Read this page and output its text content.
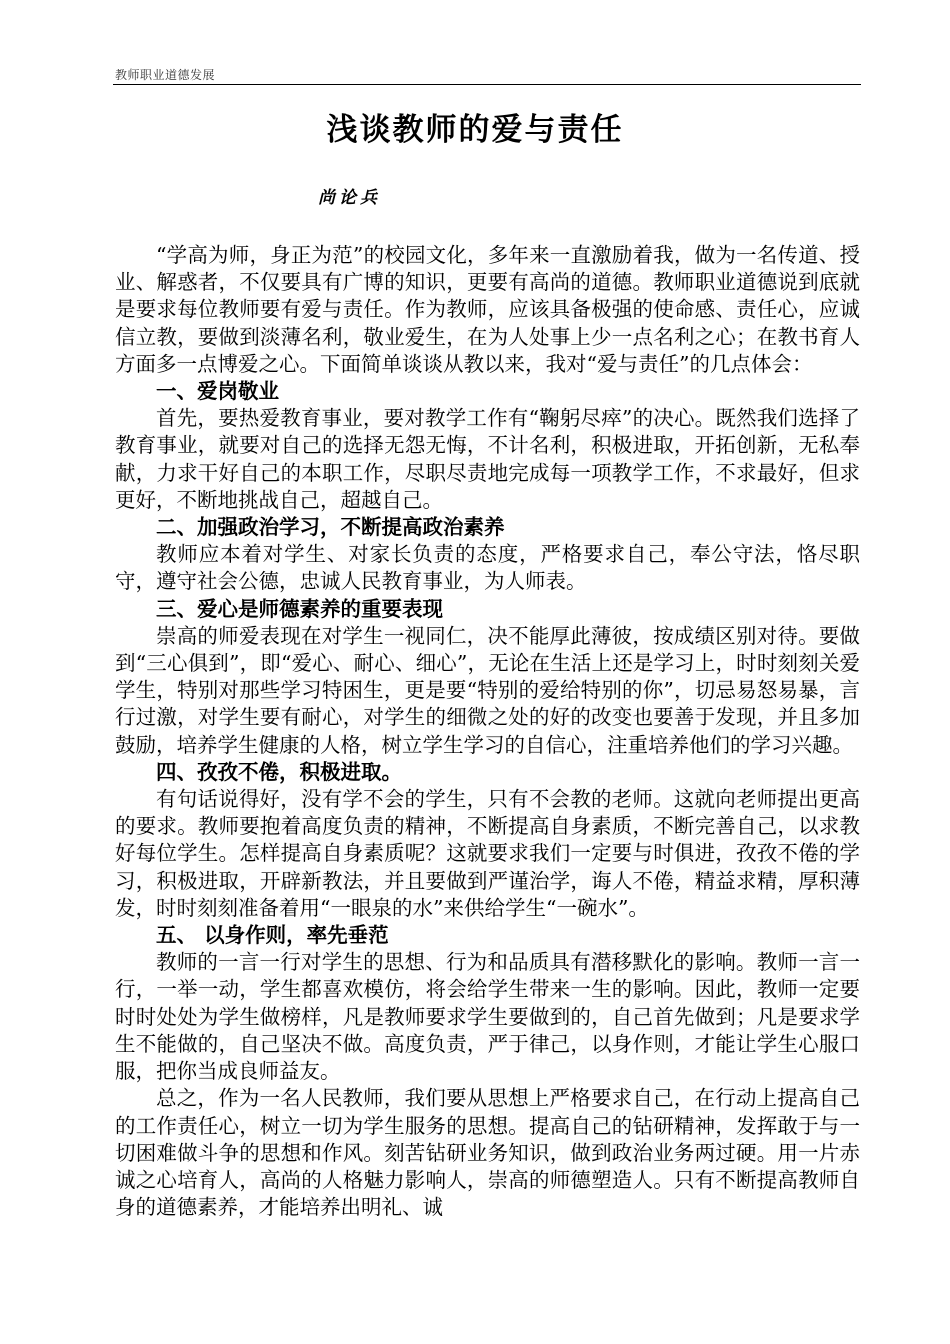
教师职业道德发展
浅谈教师的爱与责任
尚论兵

“学高为师，身正为范”的校园文化，多年来一直激励着我，做为一名传道、授业、解惑者，不仅要具有广博的知识，更要有高尚的道德。教师职业道德说到底就是要求每位教师要有爱与责任。作为教师，应该具备极强的使命感、责任心，应诚信立教，要做到淡薄名利，敬业爱生，在为人处事上少一点名利之心；在教书育人方面多一点博爱之心。下面简单谈谈从教以来，我对“爱与责任”的几点体会：

一、爱岗敬业

首先，要热爱教育事业，要对教学工作有“鞠躬尽瘁”的决心。既然我们选择了教育事业，就要对自己的选择无怨无悔，不计名利，积极进取，开拓创新，无私奉献，力求干好自己的本职工作，尽职尽责地完成每一项教学工作，不求最好，但求更好，不断地挑战自己，超越自己。

二、加强政治学习，不断提高政治素养

教师应本着对学生、对家长负责的态度，严格要求自己，奉公守法，恪尽职守，遵守社会公德，忠诚人民教育事业，为人师表。

三、爱心是师德素养的重要表现

崇高的师爱表现在对学生一视同仁，决不能厚此薄彼，按成绩区别对待。要做到“三心俱到”，即“爱心、耐心、细心”，无论在生活上还是学习上，时时刻刻关爱学生，特别对那些学习特困生，更是要“特别的爱给特别的你”，切忌易怒易暴，言行过激，对学生要有耐心，对学生的细微之处的好的改变也要善于发现，并且多加鼓励，培养学生健康的人格，树立学生学习的自信心，注重培养他们的学习兴趣。

四、孜孜不倦，积极进取。

有句话说得好，没有学不会的学生，只有不会教的老师。这就向老师提出更高的要求。教师要抱着高度负责的精神，不断提高自身素质，不断完善自己，以求教好每位学生。怎样提高自身素质呢？这就要求我们一定要与时俱进，孜孜不倦的学习，积极进取，开辟新教法，并且要做到严谨治学，诲人不倦，精益求精，厚积薄发，时时刻刻准备着用“一眼泉的水”来供给学生“一碗水”。

五、 以身作则，率先垂范

教师的一言一行对学生的思想、行为和品质具有潜移默化的影响。教师一言一行，一举一动，学生都喜欢模仿，将会给学生带来一生的影响。因此，教师一定要时时处处为学生做榜样，凡是教师要求学生要做到的，自己首先做到；凡是要求学生不能做的，自己坚决不做。高度负责，严于律己，以身作则，才能让学生心服口服，把你当成良师益友。

总之，作为一名人民教师，我们要从思想上严格要求自己，在行动上提高自己的工作责任心，树立一切为学生服务的思想。提高自己的钻研精神，发挥敢于与一切困难做斗争的思想和作风。刻苦钻研业务知识，做到政治业务两过硬。用一片赤诚之心培育人，高尚的人格魅力影响人，崇高的师德塑造人。只有不断提高教师自身的道德素养，才能培养出明礼、诚
